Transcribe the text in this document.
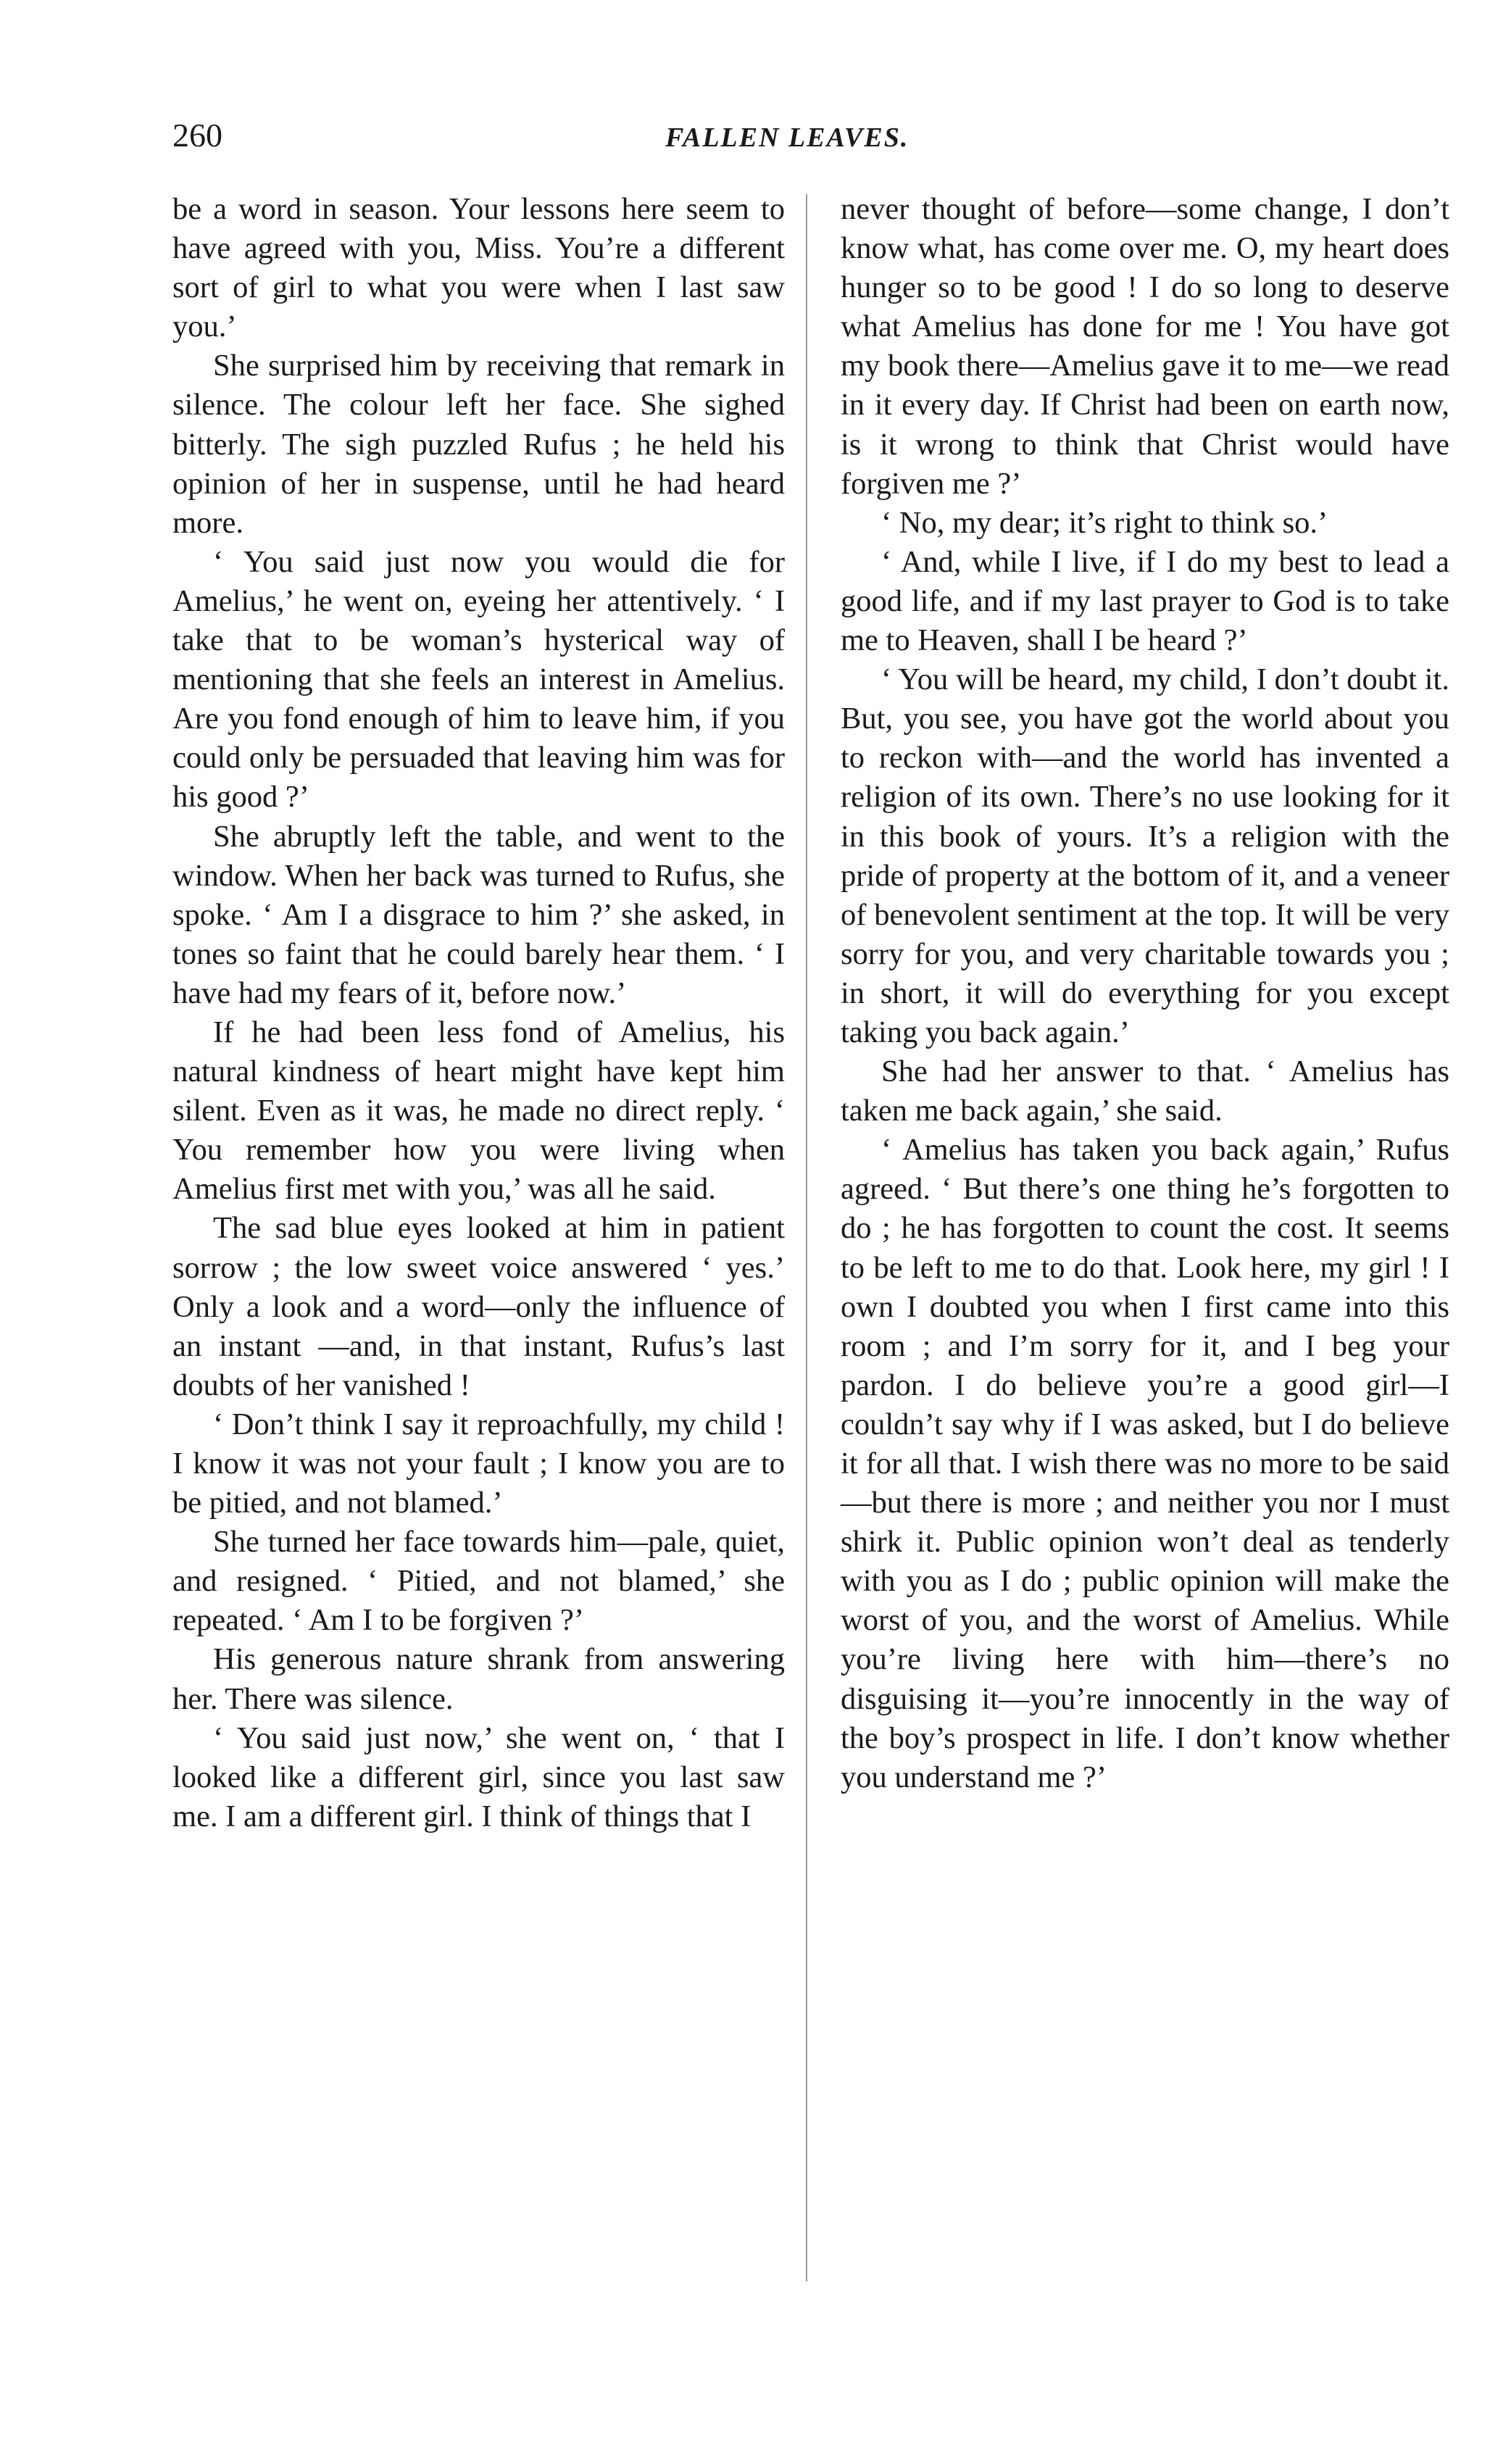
260	FALLEN LEAVES.

be a word in season. Your lessons here seem to have agreed with you, Miss. You’re a different sort of girl to what you were when I last saw you.’

She surprised him by receiving that remark in silence. The colour left her face. She sighed bitterly. The sigh puzzled Rufus ; he held his opinion of her in suspense, until he had heard more.

‘ You said just now you would die for Amelius,’ he went on, eyeing her attentively. ‘ I take that to be woman’s hysterical way of mentioning that she feels an interest in Amelius. Are you fond enough of him to leave him, if you could only be persuaded that leaving him was for his good ?’

She abruptly left the table, and went to the window. When her back was turned to Rufus, she spoke. ‘ Am I a disgrace to him ?’ she asked, in tones so faint that he could barely hear them. ‘ I have had my fears of it, before now.’

If he had been less fond of Amelius, his natural kindness of heart might have kept him silent. Even as it was, he made no direct reply. ‘ You remember how you were living when Amelius first met with you,’ was all he said.

The sad blue eyes looked at him in patient sorrow ; the low sweet voice answered ‘ yes.’ Only a look and a word—only the influence of an instant —and, in that instant, Rufus’s last doubts of her vanished !

‘ Don’t think I say it reproachfully, my child ! I know it was not your fault ; I know you are to be pitied, and not blamed.’

She turned her face towards him—pale, quiet, and resigned. ‘ Pitied, and not blamed,’ she repeated. ‘ Am I to be forgiven ?’

His generous nature shrank from answering her. There was silence.

‘ You said just now,’ she went on, ‘ that I looked like a different girl, since you last saw me. I am a different girl. I think of things that I

never thought of before—some change, I don’t know what, has come over me. O, my heart does hunger so to be good ! I do so long to deserve what Amelius has done for me ! You have got my book there—Amelius gave it to me—we read in it every day. If Christ had been on earth now, is it wrong to think that Christ would have forgiven me ?’

‘ No, my dear; it’s right to think so.’

‘ And, while I live, if I do my best to lead a good life, and if my last prayer to God is to take me to Heaven, shall I be heard ?’

‘ You will be heard, my child, I don’t doubt it. But, you see, you have got the world about you to reckon with—and the world has invented a religion of its own. There’s no use looking for it in this book of yours. It’s a religion with the pride of property at the bottom of it, and a veneer of benevolent sentiment at the top. It will be very sorry for you, and very charitable towards you ; in short, it will do everything for you except taking you back again.’

She had her answer to that. ‘ Amelius has taken me back again,’ she said.

‘ Amelius has taken you back again,’ Rufus agreed. ‘ But there’s one thing he’s forgotten to do ; he has forgotten to count the cost. It seems to be left to me to do that. Look here, my girl ! I own I doubted you when I first came into this room ; and I’m sorry for it, and I beg your pardon. I do believe you’re a good girl—I couldn’t say why if I was asked, but I do believe it for all that. I wish there was no more to be said—but there is more ; and neither you nor I must shirk it. Public opinion won’t deal as tenderly with you as I do ; public opinion will make the worst of you, and the worst of Amelius. While you’re living here with him—there’s no disguising it—you’re innocently in the way of the boy’s prospect in life. I don’t know whether you understand me ?’
